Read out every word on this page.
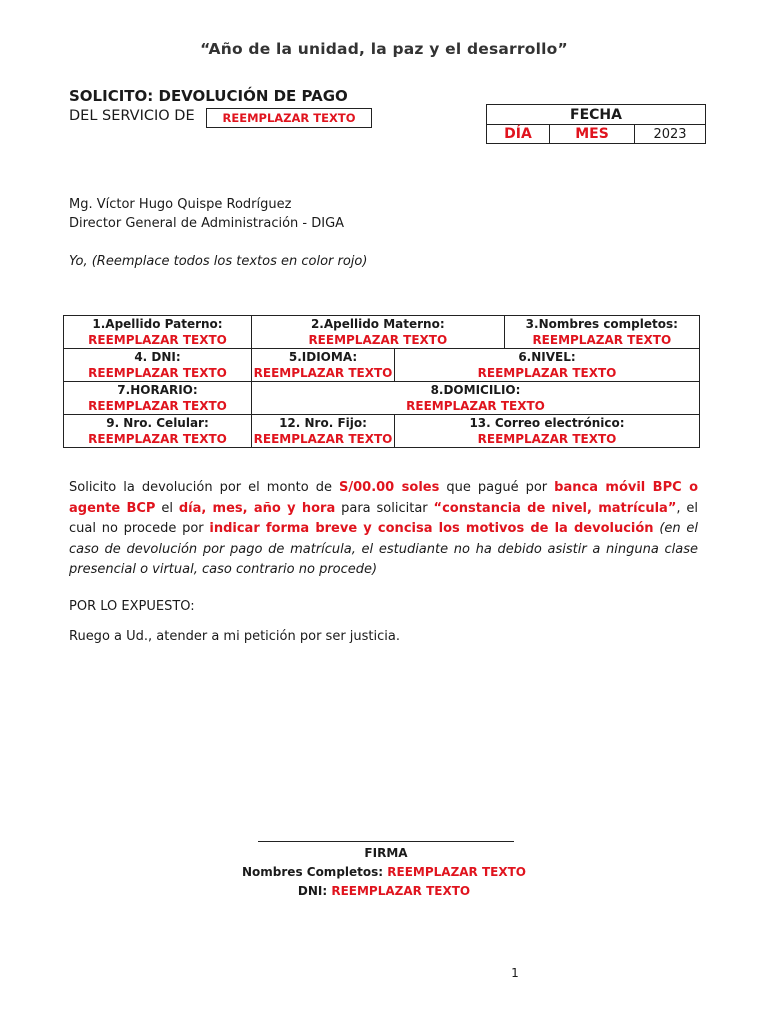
“Año de la unidad, la paz y el desarrollo”
SOLICITO: DEVOLUCIÓN DE PAGO
DEL SERVICIO DE	REEMPLAZAR TEXTO	FECHA
DÍA	MES	2023
Mg. Víctor Hugo Quispe Rodríguez
Director General de Administración - DIGA
Yo, (Reemplace todos los textos en color rojo)
1.Apellido Paterno:
REEMPLAZAR TEXTO	2.Apellido Materno:
REEMPLAZAR TEXTO		3.Nombres completos:
REEMPLAZAR TEXTO

4. DNI:
REEMPLAZAR TEXTO	5.IDIOMA:
REEMPLAZAR TEXTO	6.NIVEL:
REEMPLAZAR TEXTO	

7.HORARIO:
REEMPLAZAR TEXTO	8.DOMICILIO:
REEMPLAZAR TEXTO		

9. Nro. Celular:
REEMPLAZAR TEXTO	12. Nro. Fijo:
REEMPLAZAR TEXTO	13. Correo electrónico:
REEMPLAZAR TEXTO	
Solicito la devolución por el monto de S/00.00 soles que pagué por banca móvil BPC o agente BCP el día, mes, año y hora para solicitar “constancia de nivel, matrícula”, el cual no procede por indicar forma breve y concisa los motivos de la devolución (en el caso de devolución por pago de matrícula, el estudiante no ha debido asistir a ninguna clase presencial o virtual, caso contrario no procede)
POR LO EXPUESTO:
Ruego a Ud., atender a mi petición por ser justicia.
FIRMA
Nombres Completos: REEMPLAZAR TEXTO
DNI: REEMPLAZAR TEXTO
1
